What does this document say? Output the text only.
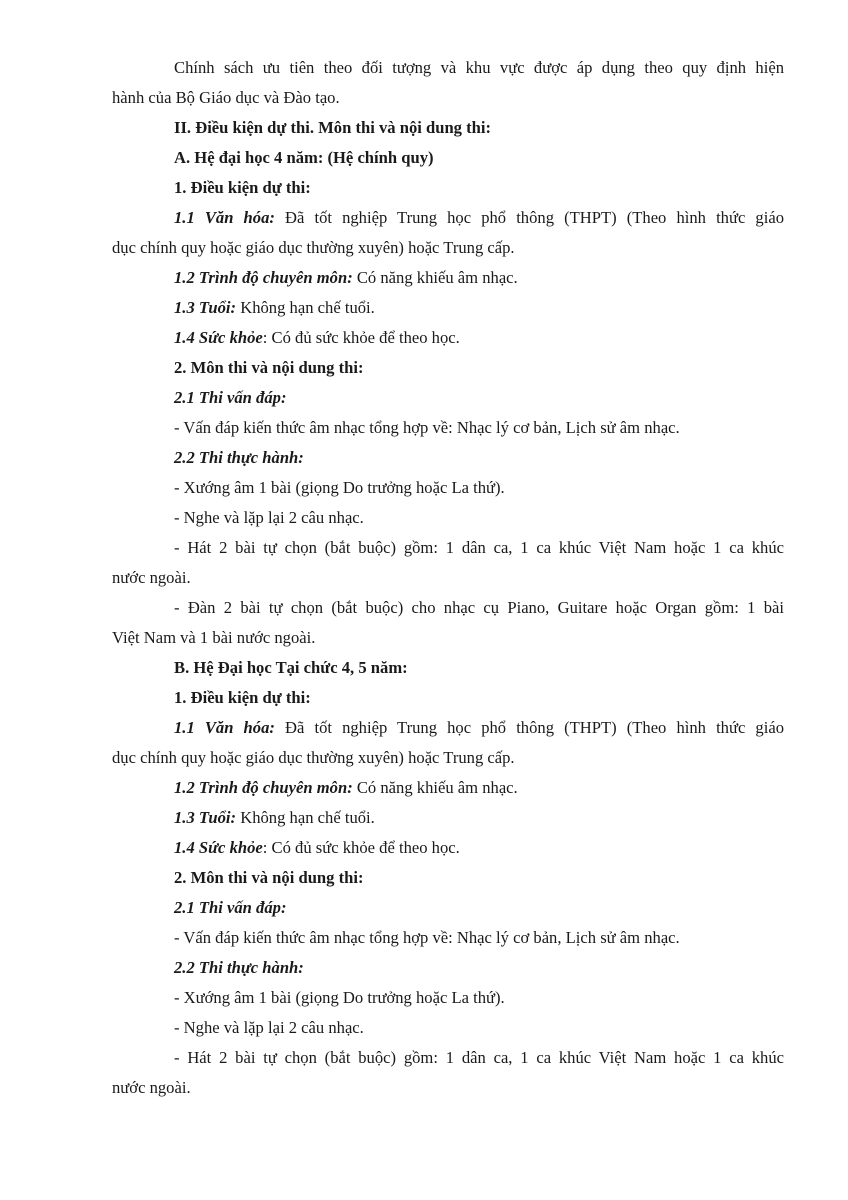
Chính sách ưu tiên theo đối tượng và khu vực được áp dụng theo quy định hiện

hành của Bộ Giáo dục và Đào tạo.

II. Điều kiện dự thi. Môn thi và nội dung thi:

A. Hệ đại học 4 năm: (Hệ chính quy)

1. Điều kiện dự thi:

1.1 Văn hóa: Đã tốt nghiệp Trung học phổ thông (THPT) (Theo hình thức giáo

dục chính quy hoặc giáo dục thường xuyên) hoặc Trung cấp.

1.2 Trình độ chuyên môn: Có năng khiếu âm nhạc.

1.3 Tuổi: Không hạn chế tuổi.

1.4 Sức khỏe: Có đủ sức khỏe để theo học.

2. Môn thi và nội dung thi:

2.1 Thi vấn đáp:

- Vấn đáp kiến thức âm nhạc tổng hợp về: Nhạc lý cơ bản, Lịch sử âm nhạc.

2.2 Thi thực hành:

- Xướng âm 1 bài (giọng Do trưởng hoặc La thứ).

- Nghe và lặp lại 2 câu nhạc.

- Hát 2 bài tự chọn (bắt buộc) gồm: 1 dân ca, 1 ca khúc Việt Nam hoặc 1 ca khúc

nước ngoài.

- Đàn 2 bài tự chọn (bắt buộc) cho nhạc cụ Piano, Guitare hoặc Organ gồm: 1 bài

Việt Nam và 1 bài nước ngoài.

B. Hệ Đại học Tại chức 4, 5 năm:

1. Điều kiện dự thi:

1.1 Văn hóa: Đã tốt nghiệp Trung học phổ thông (THPT) (Theo hình thức giáo

dục chính quy hoặc giáo dục thường xuyên) hoặc Trung cấp.

1.2 Trình độ chuyên môn: Có năng khiếu âm nhạc.

1.3 Tuổi: Không hạn chế tuổi.

1.4 Sức khỏe: Có đủ sức khỏe để theo học.

2. Môn thi và nội dung thi:

2.1 Thi vấn đáp:

- Vấn đáp kiến thức âm nhạc tổng hợp về: Nhạc lý cơ bản, Lịch sử âm nhạc.

2.2 Thi thực hành:

- Xướng âm 1 bài (giọng Do trưởng hoặc La thứ).

- Nghe và lặp lại 2 câu nhạc.

- Hát 2 bài tự chọn (bắt buộc) gồm: 1 dân ca, 1 ca khúc Việt Nam hoặc 1 ca khúc

nước ngoài.
